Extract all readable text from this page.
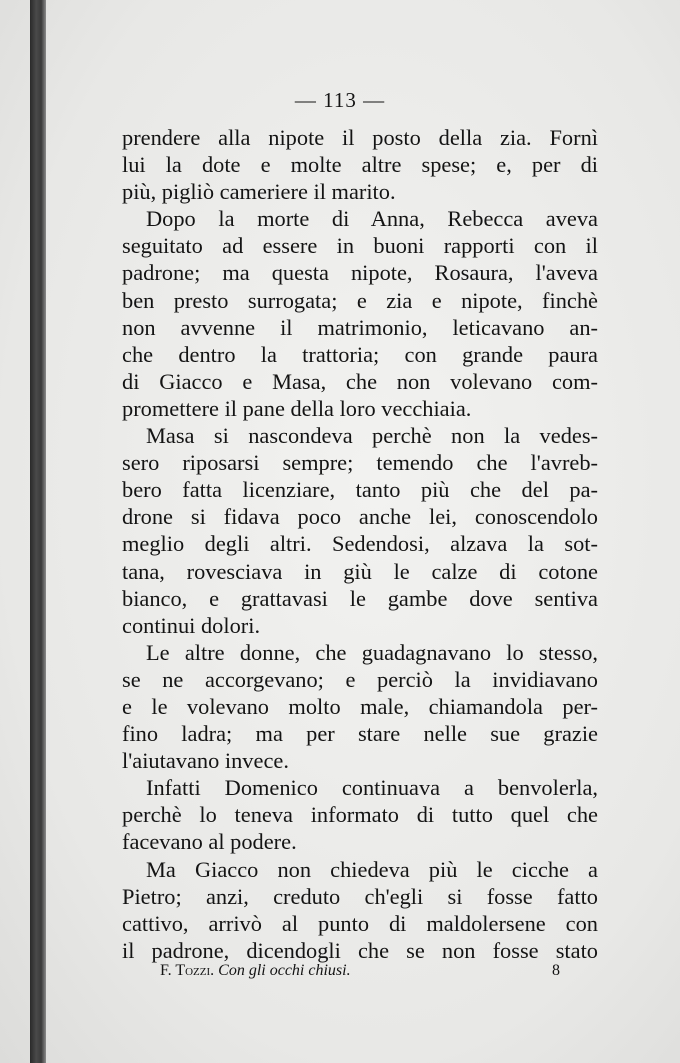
— 113 —
prendere alla nipote il posto della zia. Fornì
lui la dote e molte altre spese; e, per di
più, pigliò cameriere il marito.
Dopo la morte di Anna, Rebecca aveva
seguitato ad essere in buoni rapporti con il
padrone; ma questa nipote, Rosaura, l'aveva
ben presto surrogata; e zia e nipote, finchè
non avvenne il matrimonio, leticavano an-
che dentro la trattoria; con grande paura
di Giacco e Masa, che non volevano com-
promettere il pane della loro vecchiaia.
Masa si nascondeva perchè non la vedes-
sero riposarsi sempre; temendo che l'avreb-
bero fatta licenziare, tanto più che del pa-
drone si fidava poco anche lei, conoscendolo
meglio degli altri. Sedendosi, alzava la sot-
tana, rovesciava in giù le calze di cotone
bianco, e grattavasi le gambe dove sentiva
continui dolori.
Le altre donne, che guadagnavano lo stesso,
se ne accorgevano; e perciò la invidiavano
e le volevano molto male, chiamandola per-
fino ladra; ma per stare nelle sue grazie
l'aiutavano invece.
Infatti Domenico continuava a benvolerla,
perchè lo teneva informato di tutto quel che
facevano al podere.
Ma Giacco non chiedeva più le cicche a
Pietro; anzi, creduto ch'egli si fosse fatto
cattivo, arrivò al punto di maldolersene con
il padrone, dicendogli che se non fosse stato
F. Tozzi. Con gli occhi chiusi.	8
